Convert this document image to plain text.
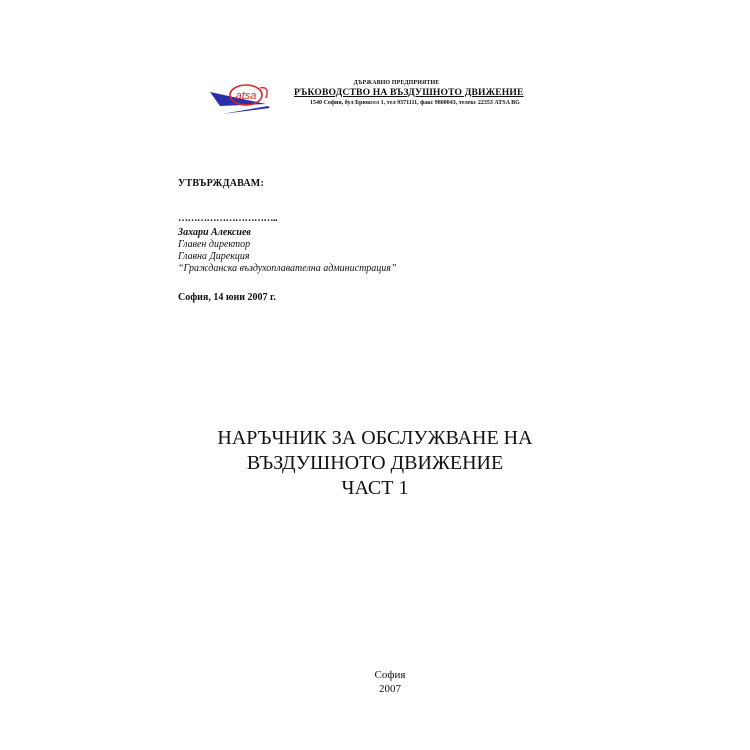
atsa
ДЪРЖАВНО ПРЕДПРИЯТИЕ
РЪКОВОДСТВО НА ВЪЗДУШНОТО ДВИЖЕНИЕ
1540 София, бул Брюксел 1, тел 9371111, факс 9800043, телекс 22353 ATSA BG
УТВЪРЖДАВАМ:
…………………………..
Захари Алексиев
Главен директор
Главна Дирекция
“Гражданска въздухоплавателна администрация”
София, 14 юни 2007 г.
НАРЪЧНИК ЗА ОБСЛУЖВАНЕ НА
ВЪЗДУШНОТО ДВИЖЕНИЕ
ЧАСТ 1
София
2007
